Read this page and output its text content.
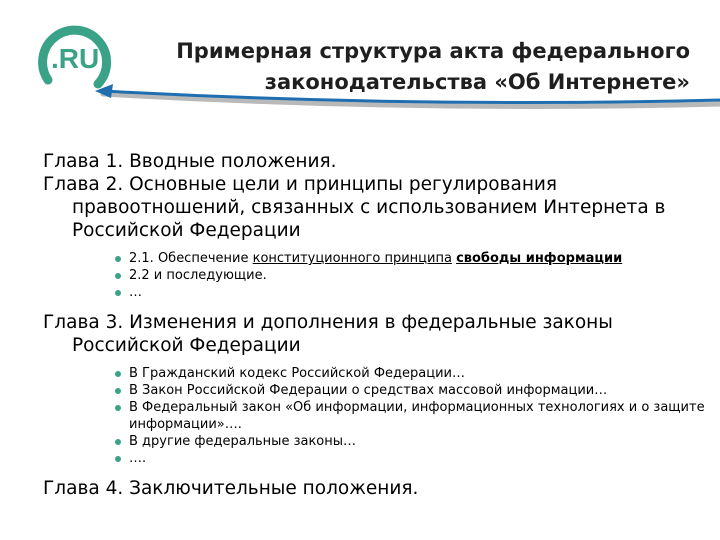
.RU	Примерная структура акта федерального
законодательства «Об Интернете»

Глава 1. Вводные положения.

Глава 2. Основные цели и принципы регулирования правоотношений, связанных с использованием Интернета в Российской Федерации

2.1. Обеспечение конституционного принципа свободы информации
2.2 и последующие.
…

Глава 3. Изменения и дополнения в федеральные законы Российской Федерации

В Гражданский кодекс Российской Федерации…
В Закон Российской Федерации о средствах массовой информации…
В Федеральный закон «Об информации, информационных технологиях и о защите информации»….
В другие федеральные законы…
….

Глава 4. Заключительные положения.
